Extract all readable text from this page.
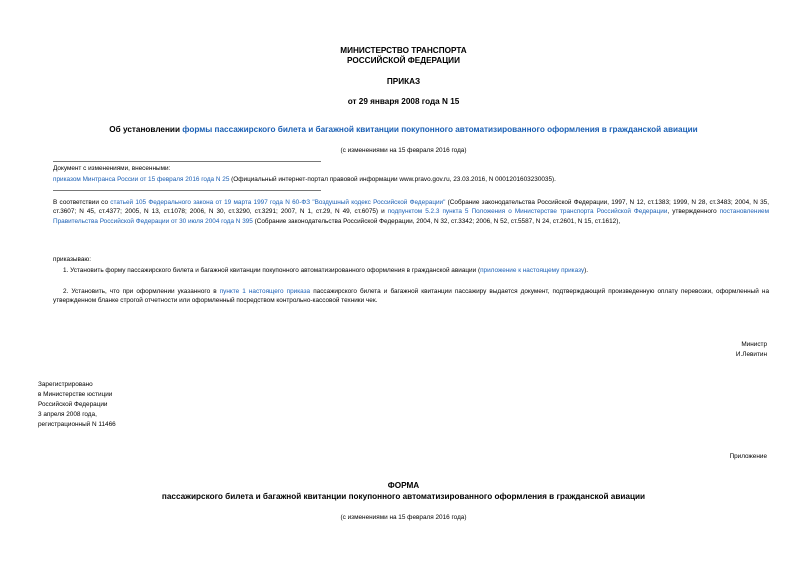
МИНИСТЕРСТВО ТРАНСПОРТА
РОССИЙСКОЙ ФЕДЕРАЦИИ
ПРИКАЗ
от 29 января 2008 года N 15
Об установлении формы пассажирского билета и багажной квитанции покупонного автоматизированного оформления в гражданской авиации
(с изменениями на 15 февраля 2016 года)
Документ с изменениями, внесенными:
приказом Минтранса России от 15 февраля 2016 года N 25 (Официальный интернет-портал правовой информации www.pravo.gov.ru, 23.03.2016, N 0001201603230035).
В соответствии со статьей 105 Федерального закона от 19 марта 1997 года N 60-ФЗ "Воздушный кодекс Российской Федерации" (Собрание законодательства Российской Федерации, 1997, N 12, ст.1383; 1999, N 28, ст.3483; 2004, N 35, ст.3607; N 45, ст.4377; 2005, N 13, ст.1078; 2006, N 30, ст.3290, ст.3291; 2007, N 1, ст.29, N 49, ст.6075) и подпунктом 5.2.3 пункта 5 Положения о Министерстве транспорта Российской Федерации, утвержденного постановлением Правительства Российской Федерации от 30 июля 2004 года N 395 (Собрание законодательства Российской Федерации, 2004, N 32, ст.3342; 2006, N 52, ст.5587, N 24, ст.2601, N 15, ст.1612),
приказываю:
1. Установить форму пассажирского билета и багажной квитанции покупонного автоматизированного оформления в гражданской авиации (приложение к настоящему приказу).
2. Установить, что при оформлении указанного в пункте 1 настоящего приказа пассажирского билета и багажной квитанции пассажиру выдается документ, подтверждающий произведенную оплату перевозки, оформленный на утвержденном бланке строгой отчетности или оформленный посредством контрольно-кассовой техники чек.
Министр
И.Левитин
Зарегистрировано
в Министерстве юстиции
Российской Федерации
3 апреля 2008 года,
регистрационный N 11466
Приложение
ФОРМА
пассажирского билета и багажной квитанции покупонного автоматизированного оформления в гражданской авиации
(с изменениями на 15 февраля 2016 года)
